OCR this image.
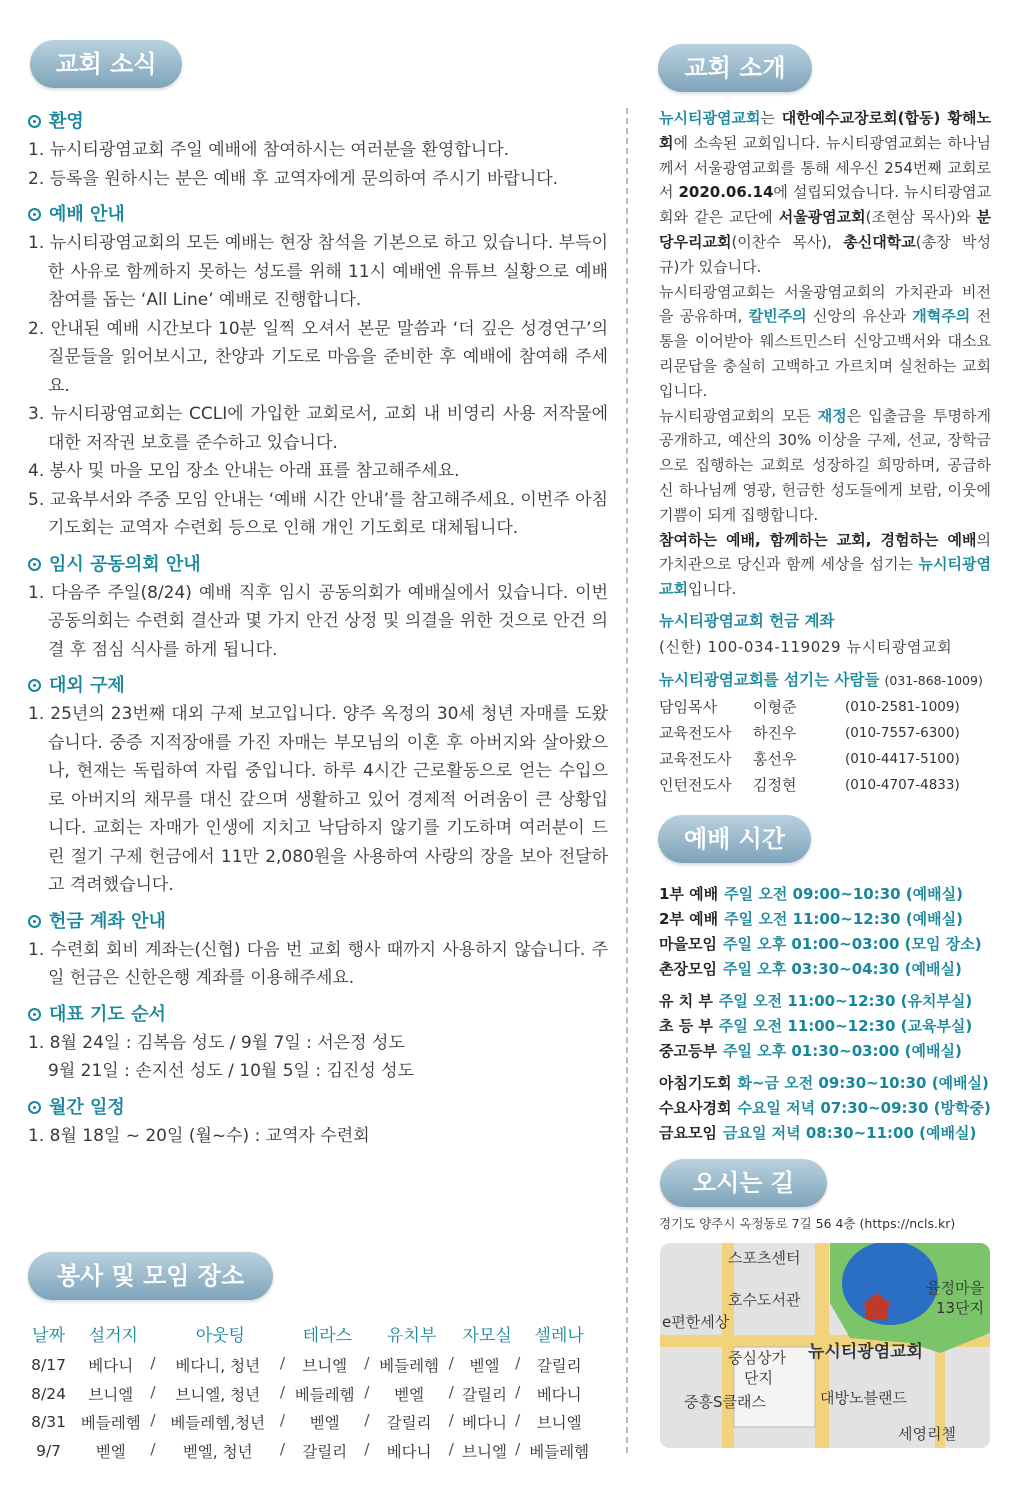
교회 소식
환영
1. 뉴시티광염교회 주일 예배에 참여하시는 여러분을 환영합니다.
2. 등록을 원하시는 분은 예배 후 교역자에게 문의하여 주시기 바랍니다.
예배 안내
1. 뉴시티광염교회의 모든 예배는 현장 참석을 기본으로 하고 있습니다. 부득이한 사유로 함께하지 못하는 성도를 위해 11시 예배엔 유튜브 실황으로 예배 참여를 돕는 ‘All Line’ 예배로 진행합니다.
2. 안내된 예배 시간보다 10분 일찍 오셔서 본문 말씀과 ‘더 깊은 성경연구’의 질문들을 읽어보시고, 찬양과 기도로 마음을 준비한 후 예배에 참여해 주세요.
3. 뉴시티광염교회는 CCLI에 가입한 교회로서, 교회 내 비영리 사용 저작물에 대한 저작권 보호를 준수하고 있습니다.
4. 봉사 및 마을 모임 장소 안내는 아래 표를 참고해주세요.
5. 교육부서와 주중 모임 안내는 ‘예배 시간 안내’를 참고해주세요. 이번주 아침 기도회는 교역자 수련회 등으로 인해 개인 기도회로 대체됩니다.
임시 공동의회 안내
1. 다음주 주일(8/24) 예배 직후 임시 공동의회가 예배실에서 있습니다. 이번 공동의회는 수련회 결산과 몇 가지 안건 상정 및 의결을 위한 것으로 안건 의결 후 점심 식사를 하게 됩니다.
대외 구제
1. 25년의 23번째 대외 구제 보고입니다. 양주 옥정의 30세 청년 자매를 도왔습니다. 중증 지적장애를 가진 자매는 부모님의 이혼 후 아버지와 살아왔으나, 현재는 독립하여 자립 중입니다. 하루 4시간 근로활동으로 얻는 수입으로 아버지의 채무를 대신 갚으며 생활하고 있어 경제적 어려움이 큰 상황입니다. 교회는 자매가 인생에 지치고 낙담하지 않기를 기도하며 여러분이 드린 절기 구제 헌금에서 11만 2,080원을 사용하여 사랑의 장을 보아 전달하고 격려했습니다.
헌금 계좌 안내
1. 수련회 회비 계좌는(신협) 다음 번 교회 행사 때까지 사용하지 않습니다. 주일 헌금은 신한은행 계좌를 이용해주세요.
대표 기도 순서
1. 8월 24일 : 김복음 성도 / 9월 7일 : 서은정 성도
9월 21일 : 손지선 성도 / 10월 5일 : 김진성 성도
월간 일정
1. 8월 18일 ~ 20일 (월~수) : 교역자 수련회
봉사 및 모임 장소
날짜	설거지	아웃팅	테라스	유치부	자모실	셀레나
8/17	베다니 /	베다니, 청년 /	브니엘 /	베들레헴 /	벧엘 /	갈릴리
8/24	브니엘 /	브니엘, 청년 /	베들레헴 /	벧엘 /	갈릴리 /	베다니
8/31	베들레헴 /	베들레헴,청년 /	벧엘 /	갈릴리 /	베다니 /	브니엘
9/7	벧엘 /	벧엘, 청년 /	갈릴리 /	베다니 /	브니엘 /	베들레헴
교회 소개
뉴시티광염교회는 대한예수교장로회(합동) 황해노회에 소속된 교회입니다. 뉴시티광염교회는 하나님께서 서울광염교회를 통해 세우신 254번째 교회로서 2020.06.14에 설립되었습니다. 뉴시티광염교회와 같은 교단에 서울광염교회(조현삼 목사)와 분당우리교회(이찬수 목사), 총신대학교(총장 박성규)가 있습니다.
뉴시티광염교회는 서울광염교회의 가치관과 비전을 공유하며, 칼빈주의 신앙의 유산과 개혁주의 전통을 이어받아 웨스트민스터 신앙고백서와 대소요리문답을 충실히 고백하고 가르치며 실천하는 교회입니다.
뉴시티광염교회의 모든 재정은 입출금을 투명하게 공개하고, 예산의 30% 이상을 구제, 선교, 장학금으로 집행하는 교회로 성장하길 희망하며, 공급하신 하나님께 영광, 헌금한 성도들에게 보람, 이웃에 기쁨이 되게 집행합니다.
참여하는 예배, 함께하는 교회, 경험하는 예배의 가치관으로 당신과 함께 세상을 섬기는 뉴시티광염교회입니다.
뉴시티광염교회 헌금 계좌
(신한) 100-034-119029 뉴시티광염교회
뉴시티광염교회를 섬기는 사람들 (031-868-1009)
담임목사 이형준	(010-2581-1009)
교육전도사 하진우	(010-7557-6300)
교육전도사 홍선우	(010-4417-5100)
인턴전도사 김정현	(010-4707-4833)
예배 시간
1부 예배 주일 오전 09:00~10:30 (예배실)
2부 예배 주일 오전 11:00~12:30 (예배실)
마을모임 주일 오후 01:00~03:00 (모임 장소)
촌장모임 주일 오후 03:30~04:30 (예배실)
유 치 부 주일 오전 11:00~12:30 (유치부실)
초 등 부 주일 오전 11:00~12:30 (교육부실)
중고등부 주일 오후 01:30~03:00 (예배실)
아침기도회 화~금 오전 09:30~10:30 (예배실)
수요사경회 수요일 저녁 07:30~09:30 (방학중)
금요모임 금요일 저녁 08:30~11:00 (예배실)
오시는 길
경기도 양주시 옥정동로 7길 56 4층 (https://ncls.kr)
스포츠센터
호수도서관
e편한세상
율정마을
13단지
중심상가
단지
뉴시티광염교회
중흥S클래스	대방노블랜드
세영리첼
